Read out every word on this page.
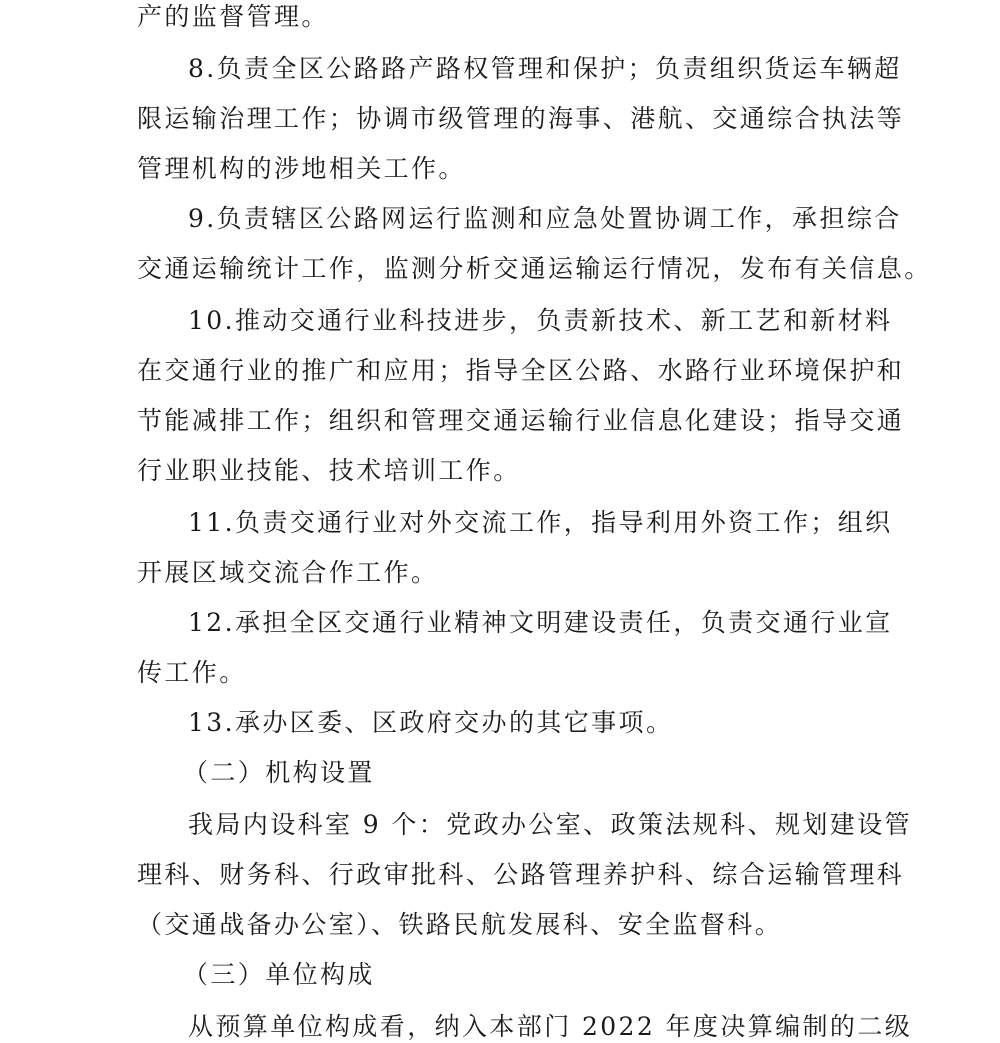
产的监督管理。
8.负责全区公路路产路权管理和保护；负责组织货运车辆超
限运输治理工作；协调市级管理的海事、港航、交通综合执法等
管理机构的涉地相关工作。
9.负责辖区公路网运行监测和应急处置协调工作，承担综合
交通运输统计工作，监测分析交通运输运行情况，发布有关信息。
10.推动交通行业科技进步，负责新技术、新工艺和新材料
在交通行业的推广和应用；指导全区公路、水路行业环境保护和
节能减排工作；组织和管理交通运输行业信息化建设；指导交通
行业职业技能、技术培训工作。
11.负责交通行业对外交流工作，指导利用外资工作；组织
开展区域交流合作工作。
12.承担全区交通行业精神文明建设责任，负责交通行业宣
传工作。
13.承办区委、区政府交办的其它事项。
（二）机构设置
我局内设科室 9 个：党政办公室、政策法规科、规划建设管
理科、财务科、行政审批科、公路管理养护科、综合运输管理科
（交通战备办公室）、铁路民航发展科、安全监督科。
（三）单位构成
从预算单位构成看，纳入本部门 2022 年度决算编制的二级
